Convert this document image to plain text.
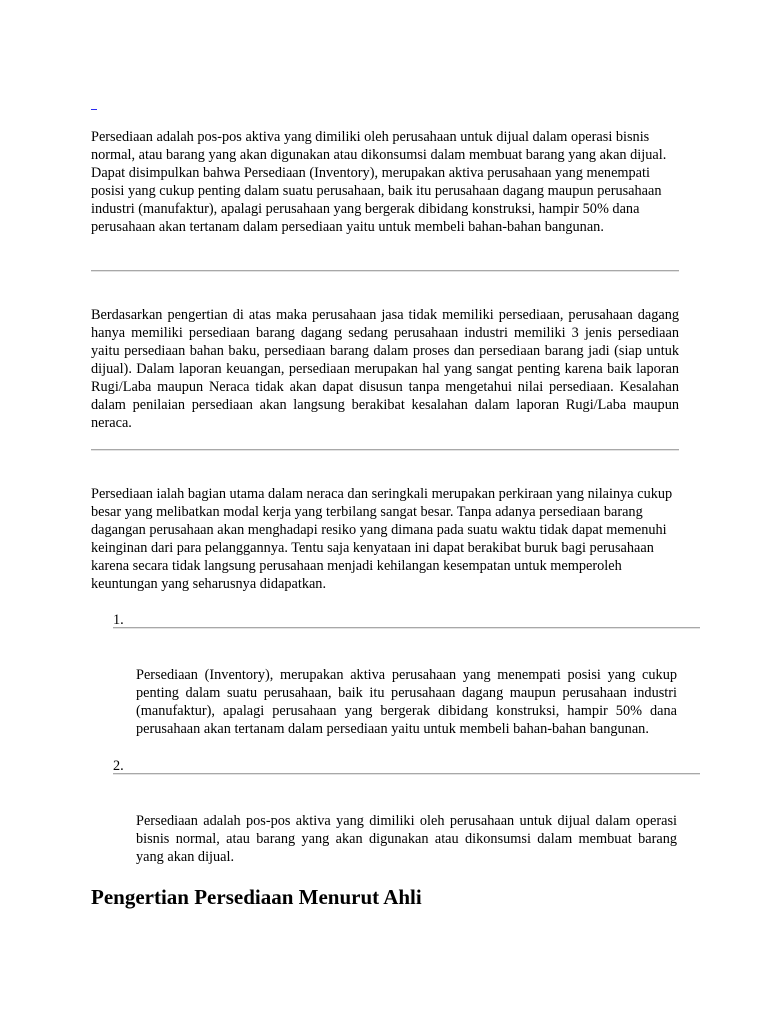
Persediaan adalah pos-pos aktiva yang dimiliki oleh perusahaan untuk dijual dalam operasi bisnis normal, atau barang yang akan digunakan atau dikonsumsi dalam membuat barang yang akan dijual. Dapat disimpulkan bahwa Persediaan (Inventory), merupakan aktiva perusahaan yang menempati posisi yang cukup penting dalam suatu perusahaan, baik itu perusahaan dagang maupun perusahaan industri (manufaktur), apalagi perusahaan yang bergerak dibidang konstruksi, hampir 50% dana perusahaan akan tertanam dalam persediaan yaitu untuk membeli bahan-bahan bangunan.

Berdasarkan pengertian di atas maka perusahaan jasa tidak memiliki persediaan, perusahaan dagang hanya memiliki persediaan barang dagang sedang perusahaan industri memiliki 3 jenis persediaan yaitu persediaan bahan baku, persediaan barang dalam proses dan persediaan barang jadi (siap untuk dijual). Dalam laporan keuangan, persediaan merupakan hal yang sangat penting karena baik laporan Rugi/Laba maupun Neraca tidak akan dapat disusun tanpa mengetahui nilai persediaan. Kesalahan dalam penilaian persediaan akan langsung berakibat kesalahan dalam laporan Rugi/Laba maupun neraca.

Persediaan ialah bagian utama dalam neraca dan seringkali merupakan perkiraan yang nilainya cukup besar yang melibatkan modal kerja yang terbilang sangat besar. Tanpa adanya persediaan barang dagangan perusahaan akan menghadapi resiko yang dimana pada suatu waktu tidak dapat memenuhi keinginan dari para pelanggannya. Tentu saja kenyataan ini dapat berakibat buruk bagi perusahaan karena secara tidak langsung perusahaan menjadi kehilangan kesempatan untuk memperoleh keuntungan yang seharusnya didapatkan.

1.

Persediaan (Inventory), merupakan aktiva perusahaan yang menempati posisi yang cukup penting dalam suatu perusahaan, baik itu perusahaan dagang maupun perusahaan industri (manufaktur), apalagi perusahaan yang bergerak dibidang konstruksi, hampir 50% dana perusahaan akan tertanam dalam persediaan yaitu untuk membeli bahan-bahan bangunan.

2.

Persediaan adalah pos-pos aktiva yang dimiliki oleh perusahaan untuk dijual dalam operasi bisnis normal, atau barang yang akan digunakan atau dikonsumsi dalam membuat barang yang akan dijual.

Pengertian Persediaan Menurut Ahli
